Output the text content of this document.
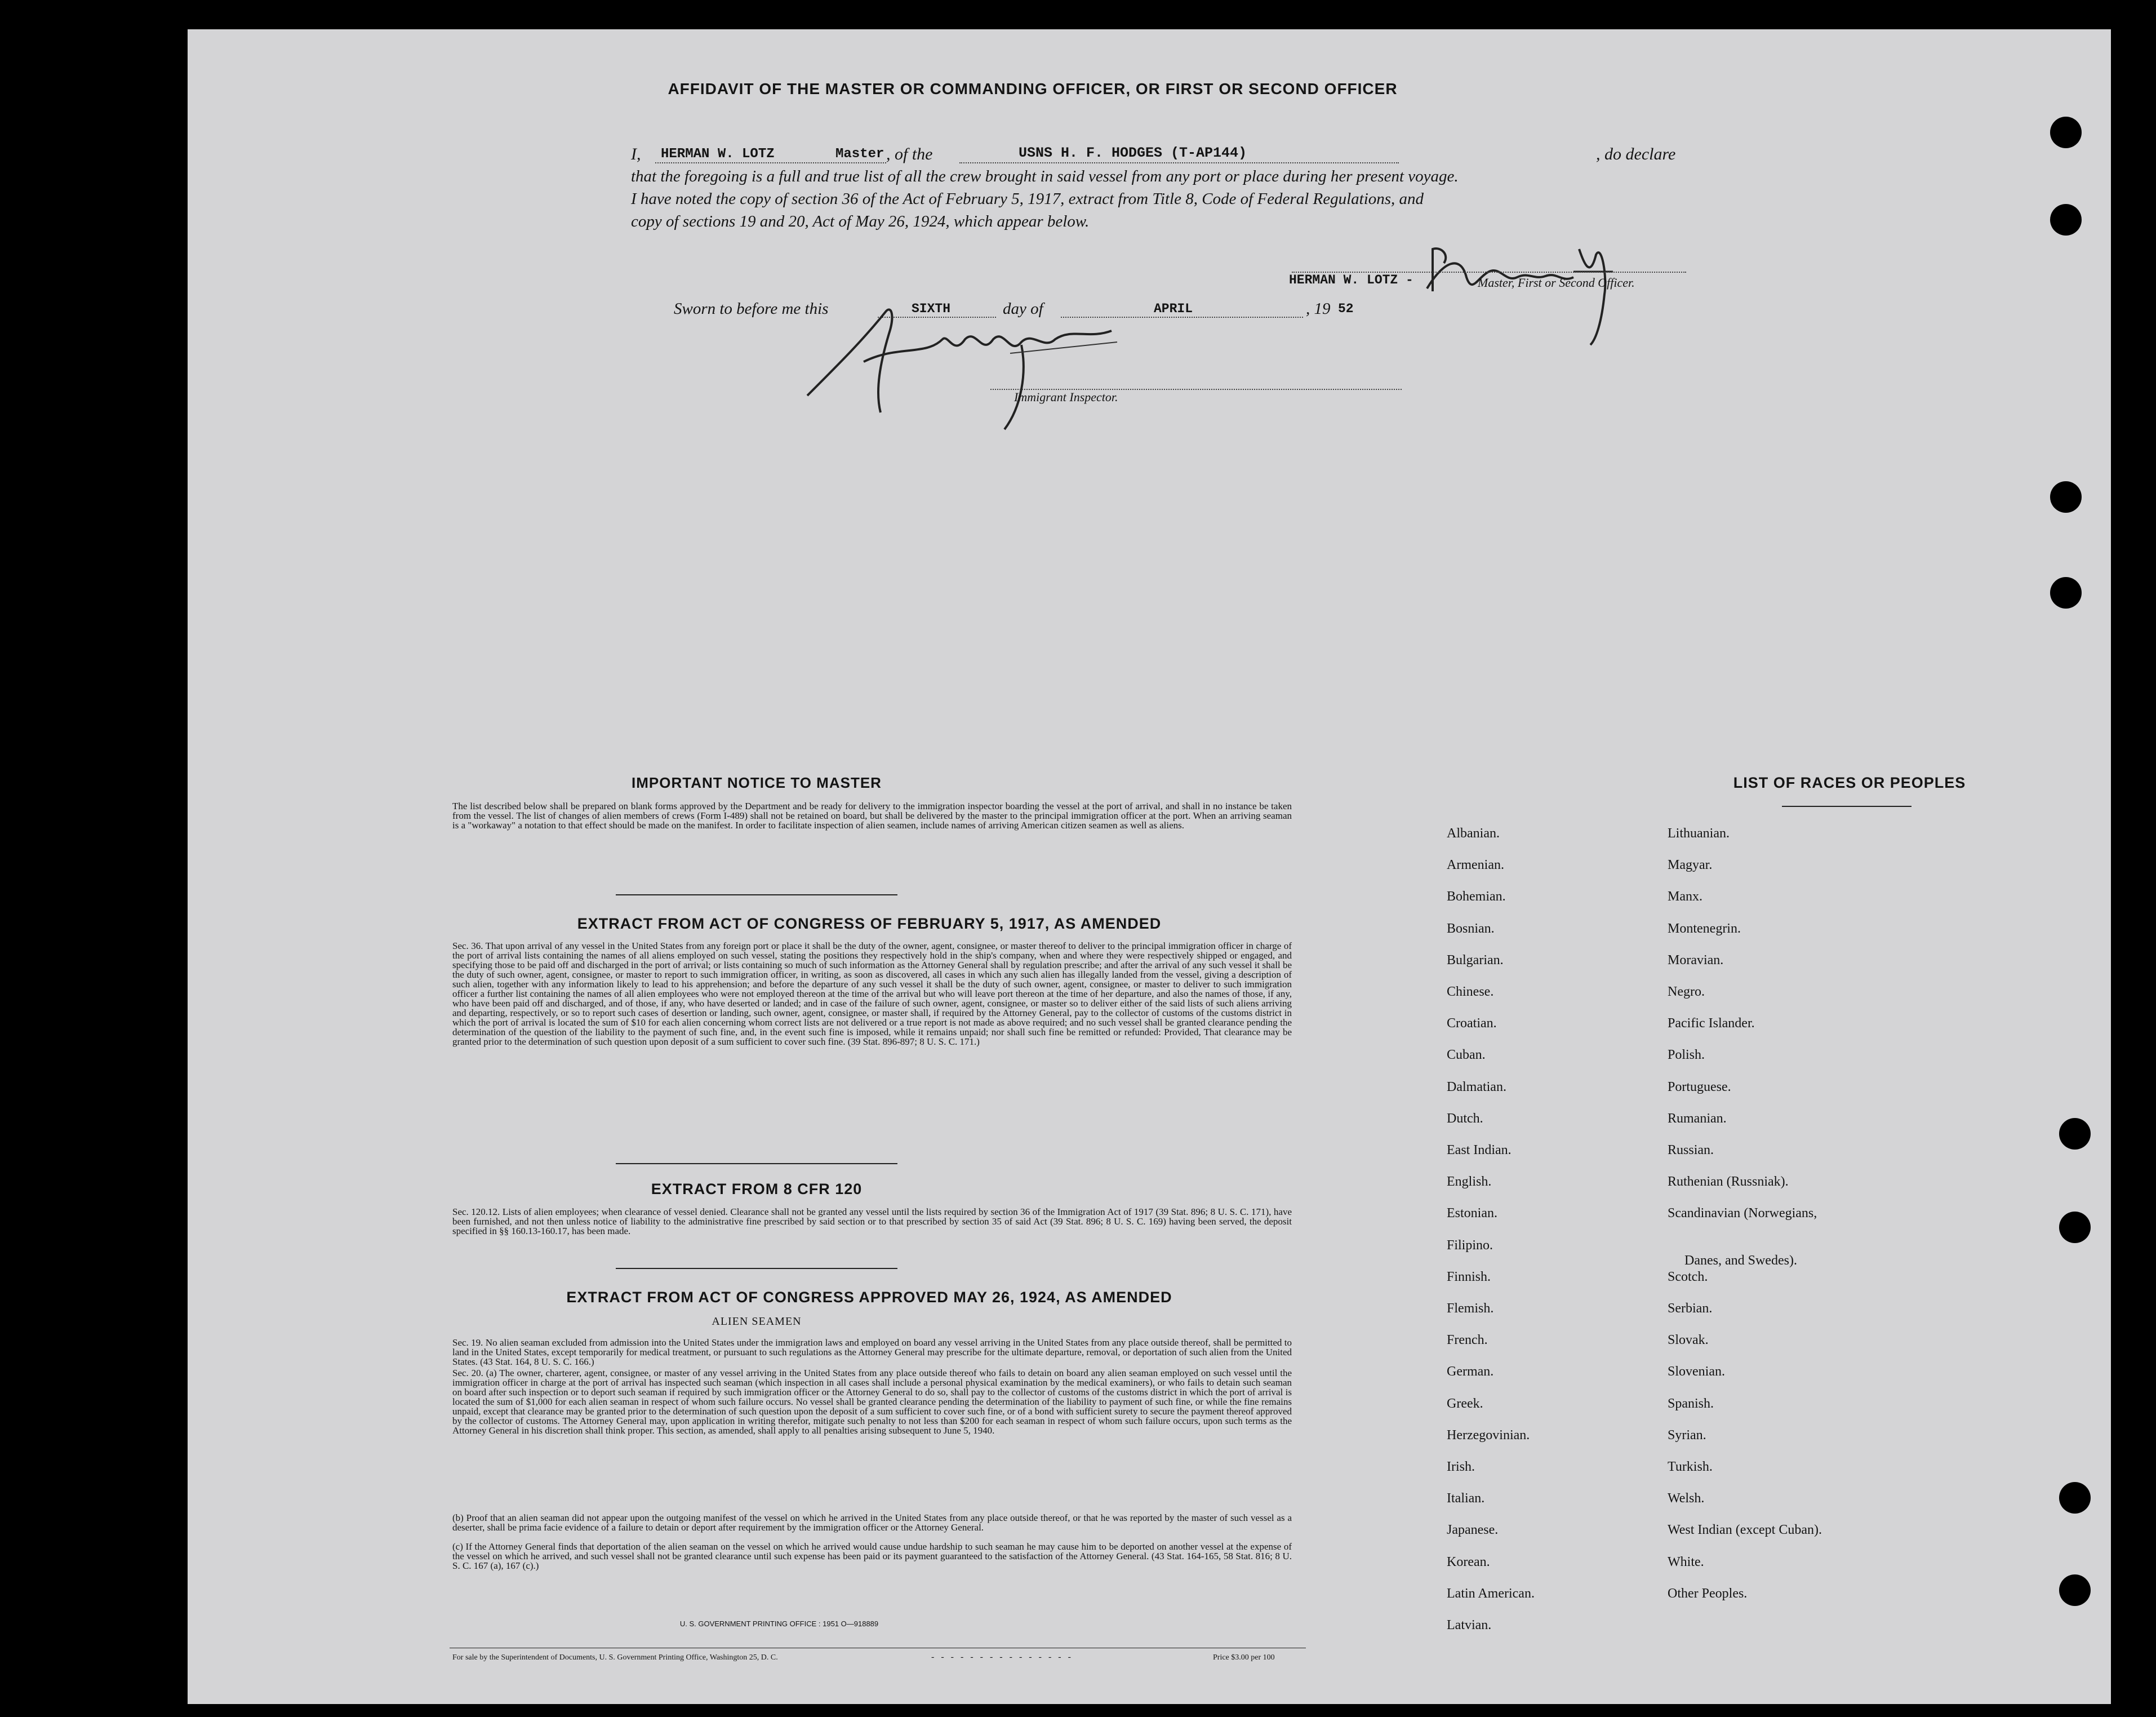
AFFIDAVIT OF THE MASTER OR COMMANDING OFFICER, OR FIRST OR SECOND OFFICER
I, HERMAN W. LOTZ	Master , of the	USNS H. F. HODGES (T-AP144)	, do declare
that the foregoing is a full and true list of all the crew brought in said vessel from any port or place during her present voyage.
I have noted the copy of section 36 of the Act of February 5, 1917, extract from Title 8, Code of Federal Regulations, and
copy of sections 19 and 20, Act of May 26, 1924, which appear below.
HERMAN W. LOTZ -	Master, First or Second Officer.
Sworn to before me this	SIXTH	day of	APRIL	, 19 52
Immigrant Inspector.
IMPORTANT NOTICE TO MASTER
The list described below shall be prepared on blank forms approved by the Department and be ready for delivery to the immigration inspector boarding the vessel at the port of arrival, and shall in no instance be taken from the vessel. The list of changes of alien members of crews (Form I-489) shall not be retained on board, but shall be delivered by the master to the principal immigration officer at the port. When an arriving seaman is a "workaway" a notation to that effect should be made on the manifest. In order to facilitate inspection of alien seamen, include names of arriving American citizen seamen as well as aliens.
EXTRACT FROM ACT OF CONGRESS OF FEBRUARY 5, 1917, AS AMENDED
Sec. 36. That upon arrival of any vessel in the United States from any foreign port or place it shall be the duty of the owner, agent, consignee, or master thereof to deliver to the principal immigration officer in charge of the port of arrival lists containing the names of all aliens employed on such vessel, stating the positions they respectively hold in the ship's company, when and where they were respectively shipped or engaged, and specifying those to be paid off and discharged in the port of arrival; or lists containing so much of such information as the Attorney General shall by regulation prescribe; and after the arrival of any such vessel it shall be the duty of such owner, agent, consignee, or master to report to such immigration officer, in writing, as soon as discovered, all cases in which any such alien has illegally landed from the vessel, giving a description of such alien, together with any information likely to lead to his apprehension; and before the departure of any such vessel it shall be the duty of such owner, agent, consignee, or master to deliver to such immigration officer a further list containing the names of all alien employees who were not employed thereon at the time of the arrival but who will leave port thereon at the time of her departure, and also the names of those, if any, who have been paid off and discharged, and of those, if any, who have deserted or landed; and in case of the failure of such owner, agent, consignee, or master so to deliver either of the said lists of such aliens arriving and departing, respectively, or so to report such cases of desertion or landing, such owner, agent, consignee, or master shall, if required by the Attorney General, pay to the collector of customs of the customs district in which the port of arrival is located the sum of $10 for each alien concerning whom correct lists are not delivered or a true report is not made as above required; and no such vessel shall be granted clearance pending the determination of the question of the liability to the payment of such fine, and, in the event such fine is imposed, while it remains unpaid; nor shall such fine be remitted or refunded: Provided, That clearance may be granted prior to the determination of such question upon deposit of a sum sufficient to cover such fine. (39 Stat. 896-897; 8 U. S. C. 171.)
EXTRACT FROM 8 CFR 120
Sec. 120.12. Lists of alien employees; when clearance of vessel denied. Clearance shall not be granted any vessel until the lists required by section 36 of the Immigration Act of 1917 (39 Stat. 896; 8 U. S. C. 171), have been furnished, and not then unless notice of liability to the administrative fine prescribed by said section or to that prescribed by section 35 of said Act (39 Stat. 896; 8 U. S. C. 169) having been served, the deposit specified in §§ 160.13-160.17, has been made.
EXTRACT FROM ACT OF CONGRESS APPROVED MAY 26, 1924, AS AMENDED
ALIEN SEAMEN
Sec. 19. No alien seaman excluded from admission into the United States under the immigration laws and employed on board any vessel arriving in the United States from any place outside thereof, shall be permitted to land in the United States, except temporarily for medical treatment, or pursuant to such regulations as the Attorney General may prescribe for the ultimate departure, removal, or deportation of such alien from the United States. (43 Stat. 164, 8 U. S. C. 166.)
Sec. 20. (a) The owner, charterer, agent, consignee, or master of any vessel arriving in the United States from any place outside thereof who fails to detain on board any alien seaman employed on such vessel until the immigration officer in charge at the port of arrival has inspected such seaman (which inspection in all cases shall include a personal physical examination by the medical examiners), or who fails to detain such seaman on board after such inspection or to deport such seaman if required by such immigration officer or the Attorney General to do so, shall pay to the collector of customs of the customs district in which the port of arrival is located the sum of $1,000 for each alien seaman in respect of whom such failure occurs. No vessel shall be granted clearance pending the determination of the liability to payment of such fine, or while the fine remains unpaid, except that clearance may be granted prior to the determination of such question upon the deposit of a sum sufficient to cover such fine, or of a bond with sufficient surety to secure the payment thereof approved by the collector of customs. The Attorney General may, upon application in writing therefor, mitigate such penalty to not less than $200 for each seaman in respect of whom such failure occurs, upon such terms as the Attorney General in his discretion shall think proper. This section, as amended, shall apply to all penalties arising subsequent to June 5, 1940.
(b) Proof that an alien seaman did not appear upon the outgoing manifest of the vessel on which he arrived in the United States from any place outside thereof, or that he was reported by the master of such vessel as a deserter, shall be prima facie evidence of a failure to detain or deport after requirement by the immigration officer or the Attorney General.
(c) If the Attorney General finds that deportation of the alien seaman on the vessel on which he arrived would cause undue hardship to such seaman he may cause him to be deported on another vessel at the expense of the vessel on which he arrived, and such vessel shall not be granted clearance until such expense has been paid or its payment guaranteed to the satisfaction of the Attorney General. (43 Stat. 164-165, 58 Stat. 816; 8 U. S. C. 167 (a), 167 (c).)
U. S. GOVERNMENT PRINTING OFFICE : 1951 O—918889
For sale by the Superintendent of Documents, U. S. Government Printing Office, Washington 25, D. C.	- - - - - - - - - - - - - - -	Price $3.00 per 100
LIST OF RACES OR PEOPLES
Albanian.
Armenian.
Bohemian.
Bosnian.
Bulgarian.
Chinese.
Croatian.
Cuban.
Dalmatian.
Dutch.
East Indian.
English.
Estonian.
Filipino.
Finnish.
Flemish.
French.
German.
Greek.
Herzegovinian.
Irish.
Italian.
Japanese.
Korean.
Latin American.
Latvian.
Lithuanian.
Magyar.
Manx.
Montenegrin.
Moravian.
Negro.
Pacific Islander.
Polish.
Portuguese.
Rumanian.
Russian.
Ruthenian (Russniak).
Scandinavian (Norwegians,
Danes, and Swedes).
Scotch.
Serbian.
Slovak.
Slovenian.
Spanish.
Syrian.
Turkish.
Welsh.
West Indian (except Cuban).
White.
Other Peoples.
